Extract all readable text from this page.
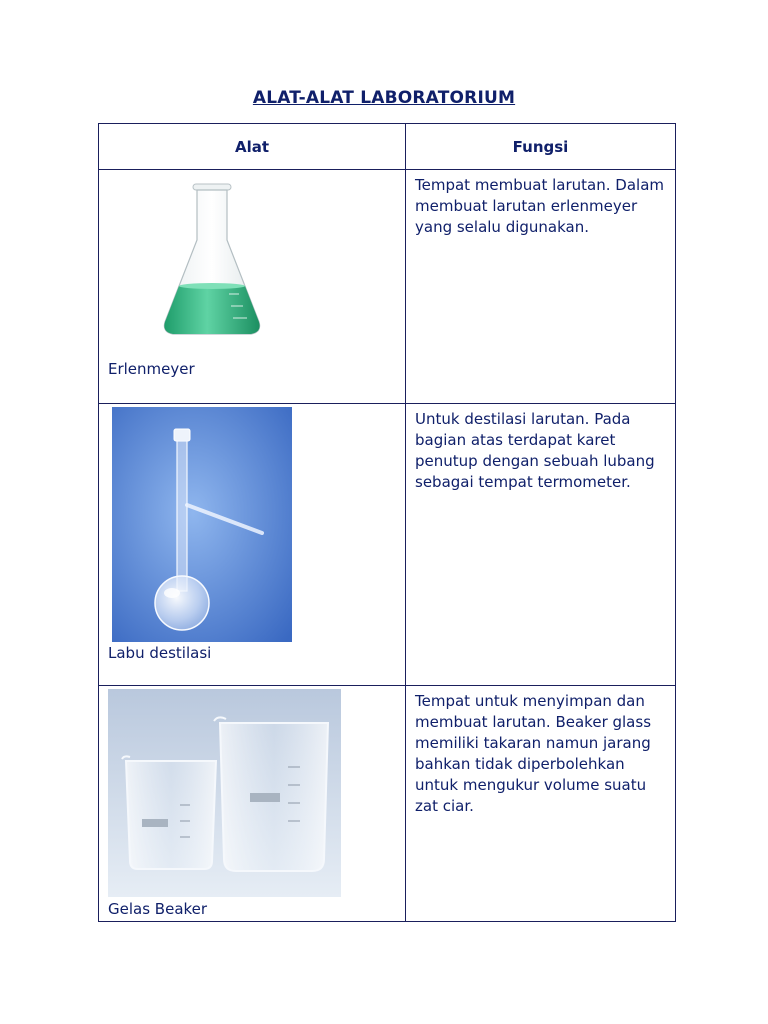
ALAT-ALAT LABORATORIUM
Alat	Fungsi

Erlenmeyer	Tempat membuat larutan. Dalam membuat larutan erlenmeyer yang selalu digunakan.

Labu destilasi	Untuk destilasi larutan. Pada bagian atas terdapat karet penutup dengan sebuah lubang sebagai tempat termometer.

Gelas Beaker	Tempat untuk menyimpan dan membuat larutan. Beaker glass memiliki takaran namun jarang bahkan tidak diperbolehkan untuk mengukur volume suatu zat ciar.
